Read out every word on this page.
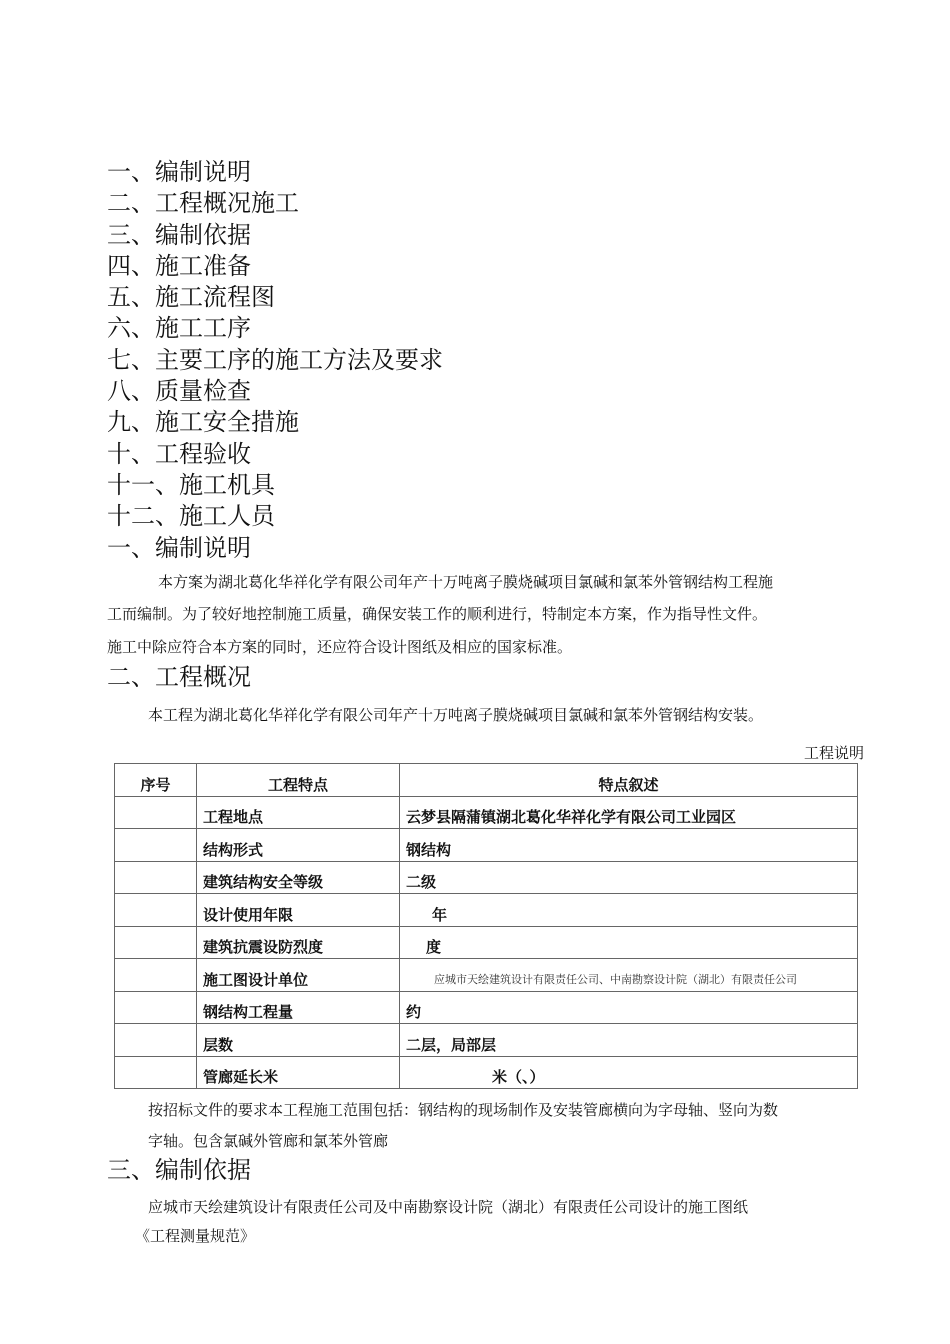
一、编制说明
二、工程概况施工
三、编制依据
四、施工准备
五、施工流程图
六、施工工序
七、主要工序的施工方法及要求
八、质量检查
九、施工安全措施
十、工程验收
十一、施工机具
十二、施工人员
一、编制说明

本方案为湖北葛化华祥化学有限公司年产十万吨离子膜烧碱项目氯碱和氯苯外管钢结构工程施

工而编制。为了较好地控制施工质量，确保安装工作的顺利进行，特制定本方案，作为指导性文件。

施工中除应符合本方案的同时，还应符合设计图纸及相应的国家标准。

二、工程概况

本工程为湖北葛化华祥化学有限公司年产十万吨离子膜烧碱项目氯碱和氯苯外管钢结构安装。

工程说明
序号	工程特点	特点叙述
	工程地点	云梦县隔蒲镇湖北葛化华祥化学有限公司工业园区
	结构形式	钢结构
	建筑结构安全等级	二级
	设计使用年限	年
	建筑抗震设防烈度	度
	施工图设计单位	应城市天绘建筑设计有限责任公司、中南勘察设计院（湖北）有限责任公司
	钢结构工程量	约
	层数	二层，局部层
	管廊延长米	米（、）

按招标文件的要求本工程施工范围包括：钢结构的现场制作及安装管廊横向为字母轴、竖向为数

字轴。包含氯碱外管廊和氯苯外管廊

三、编制依据

应城市天绘建筑设计有限责任公司及中南勘察设计院（湖北）有限责任公司设计的施工图纸

《工程测量规范》
